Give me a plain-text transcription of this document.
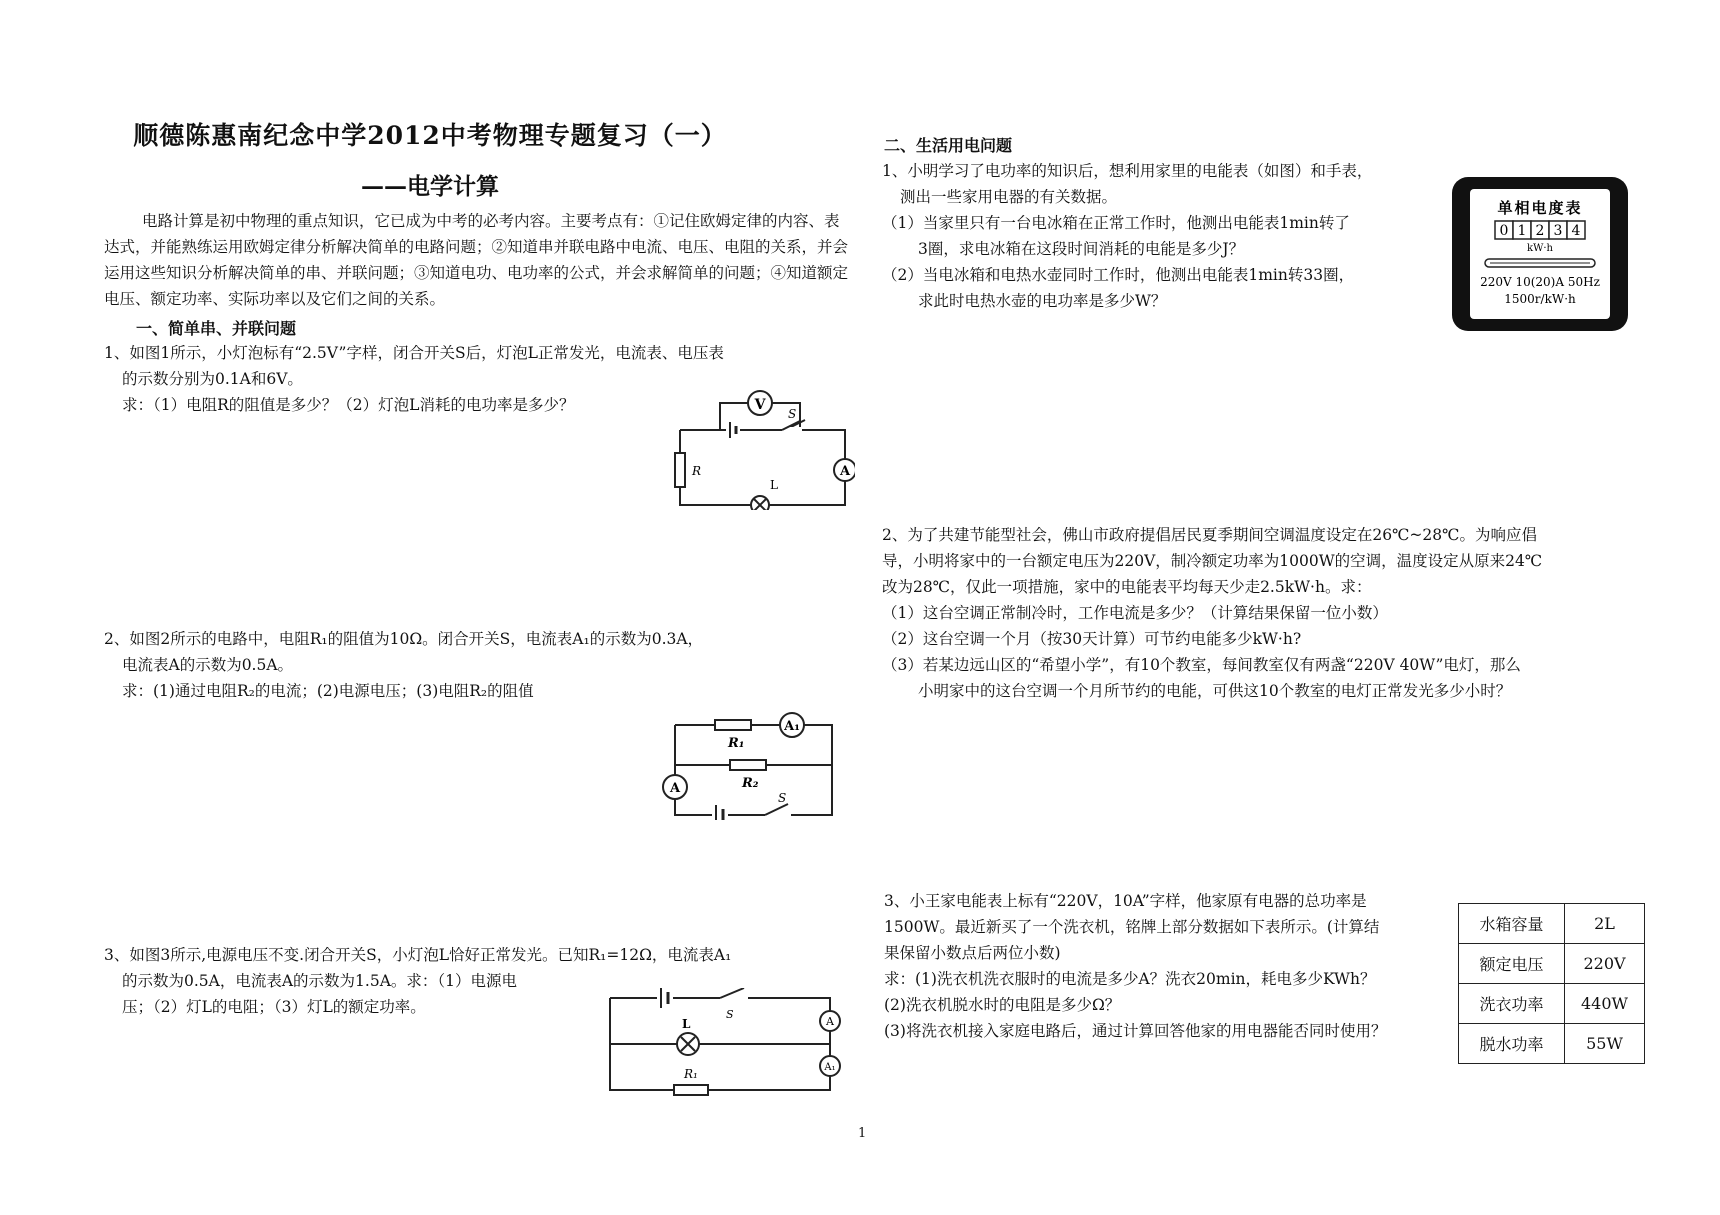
顺德陈惠南纪念中学2012中考物理专题复习（一）
——电学计算
电路计算是初中物理的重点知识，它已成为中考的必考内容。主要考点有：①记住欧姆定律的内容、表达式，并能熟练运用欧姆定律分析解决简单的电路问题；②知道串并联电路中电流、电压、电阻的关系，并会运用这些知识分析解决简单的串、并联问题；③知道电功、电功率的公式，并会求解简单的问题；④知道额定电压、额定功率、实际功率以及它们之间的关系。
一、简单串、并联问题
1、如图1所示，小灯泡标有“2.5V”字样，闭合开关S后，灯泡L正常发光，电流表、电压表
的示数分别为0.1A和6V。
求：（1）电阻R的阻值是多少？（2）灯泡L消耗的电功率是多少？	V
S
R
L
A
2、如图2所示的电路中，电阻R₁的阻值为10Ω。闭合开关S，电流表A₁的示数为0.3A，
电流表A的示数为0.5A。
求：(1)通过电阻R₂的电流；(2)电源电压；(3)电阻R₂的阻值
R₁
R₂
A₁
A
S
3、如图3所示,电源电压不变.闭合开关S，小灯泡L恰好正常发光。已知R₁=12Ω，电流表A₁
的示数为0.5A，电流表A的示数为1.5A。求：（1）电源电
压；（2）灯L的电阻；（3）灯L的额定功率。	S
L	A
A₁
R₁
二、生活用电问题
1、小明学习了电功率的知识后，想利用家里的电能表（如图）和手表，
测出一些家用电器的有关数据。
（1）当家里只有一台电冰箱在正常工作时，他测出电能表1min转了
3圈，求电冰箱在这段时间消耗的电能是多少J？
（2）当电冰箱和电热水壶同时工作时，他测出电能表1min转33圈，
求此时电热水壶的电功率是多少W？
单相电度表
0 1 2 3 4
kW·h
220V 10(20)A 50Hz
1500r/kW·h
2、为了共建节能型社会，佛山市政府提倡居民夏季期间空调温度设定在26℃~28℃。为响应倡
导，小明将家中的一台额定电压为220V，制冷额定功率为1000W的空调，温度设定从原来24℃
改为28℃，仅此一项措施，家中的电能表平均每天少走2.5kW·h。求：
（1）这台空调正常制冷时，工作电流是多少？（计算结果保留一位小数）
（2）这台空调一个月（按30天计算）可节约电能多少kW·h?
（3）若某边远山区的“希望小学”，有10个教室，每间教室仅有两盏“220V 40W”电灯，那么
小明家中的这台空调一个月所节约的电能，可供这10个教室的电灯正常发光多少小时？
3、小王家电能表上标有“220V，10A”字样，他家原有电器的总功率是
1500W。最近新买了一个洗衣机，铭牌上部分数据如下表所示。(计算结
果保留小数点后两位小数)
求：(1)洗衣机洗衣服时的电流是多少A？洗衣20min，耗电多少KWh？
(2)洗衣机脱水时的电阻是多少Ω？
(3)将洗衣机接入家庭电路后，通过计算回答他家的用电器能否同时使用？
水箱容量	2L
额定电压	220V
洗衣功率	440W
脱水功率	55W
1
